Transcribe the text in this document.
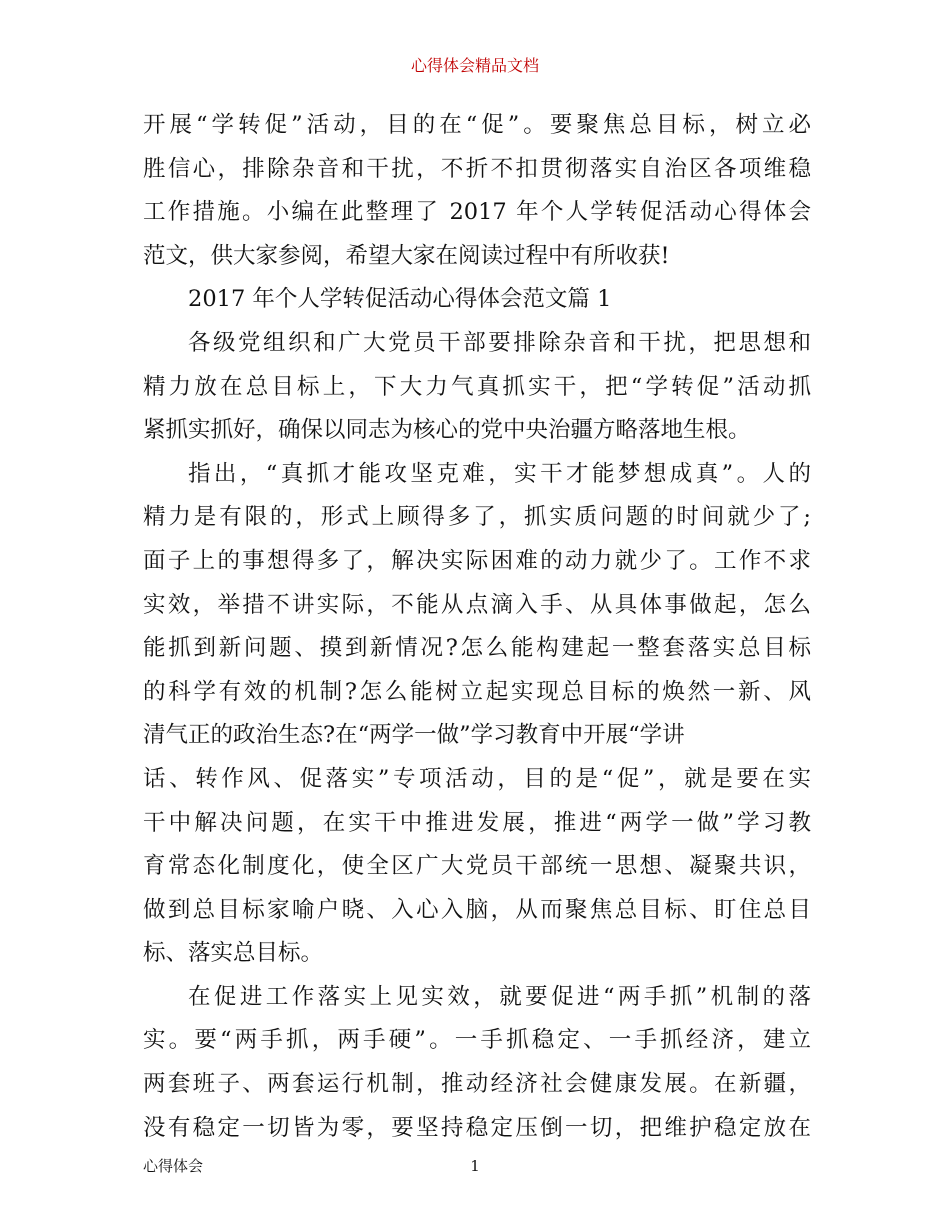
心得体会精品文档
开展“学转促”活动，目的在“促”。要聚焦总目标，树立必
胜信心，排除杂音和干扰，不折不扣贯彻落实自治区各项维稳
工作措施。小编在此整理了 2017 年个人学转促活动心得体会
范文，供大家参阅，希望大家在阅读过程中有所收获!
2017 年个人学转促活动心得体会范文篇 1
各级党组织和广大党员干部要排除杂音和干扰，把思想和
精力放在总目标上，下大力气真抓实干，把“学转促”活动抓
紧抓实抓好，确保以同志为核心的党中央治疆方略落地生根。
指出，“真抓才能攻坚克难，实干才能梦想成真”。人的
精力是有限的，形式上顾得多了，抓实质问题的时间就少了;
面子上的事想得多了，解决实际困难的动力就少了。工作不求
实效，举措不讲实际，不能从点滴入手、从具体事做起，怎么
能抓到新问题、摸到新情况?怎么能构建起一整套落实总目标
的科学有效的机制?怎么能树立起实现总目标的焕然一新、风
清气正的政治生态?在“两学一做”学习教育中开展“学讲
话、转作风、促落实”专项活动，目的是“促”，就是要在实
干中解决问题，在实干中推进发展，推进“两学一做”学习教
育常态化制度化，使全区广大党员干部统一思想、凝聚共识，
做到总目标家喻户晓、入心入脑，从而聚焦总目标、盯住总目
标、落实总目标。
在促进工作落实上见实效，就要促进“两手抓”机制的落
实。要“两手抓，两手硬”。一手抓稳定、一手抓经济，建立
两套班子、两套运行机制，推动经济社会健康发展。在新疆，
没有稳定一切皆为零，要坚持稳定压倒一切，把维护稳定放在
心得体会	1
